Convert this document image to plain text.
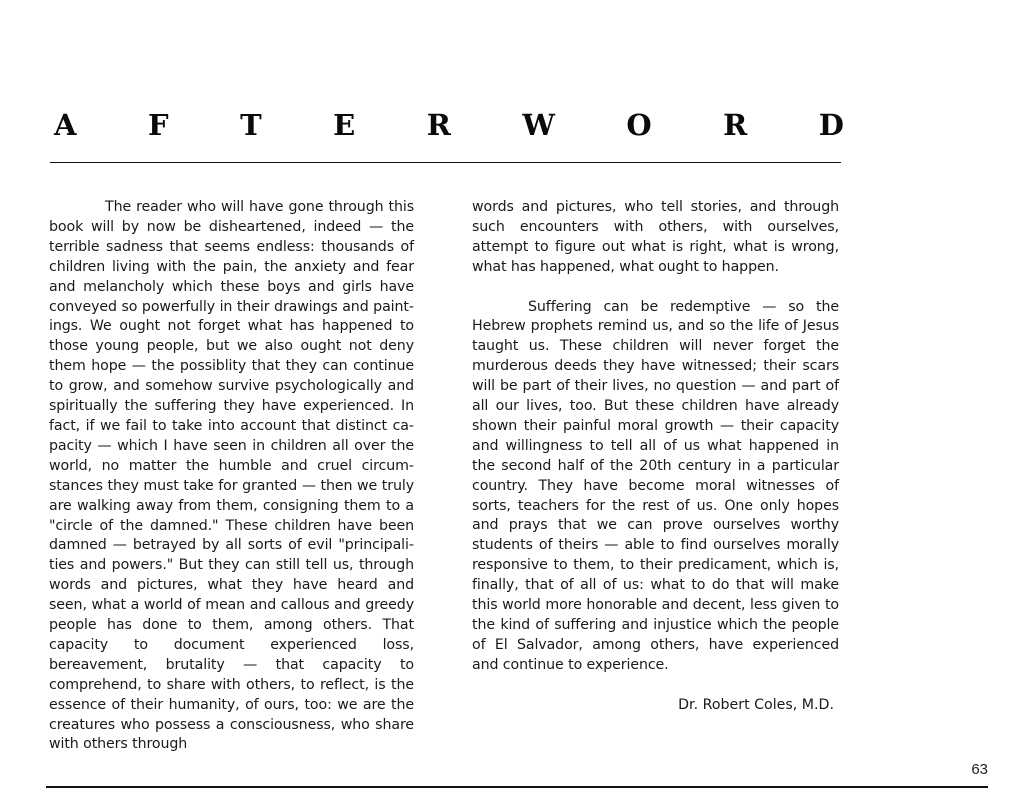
A F T E R W O R D

The reader who will have gone through this book will by now be disheartened, indeed — the terrible sadness that seems endless: thousands of children living with the pain, the anxiety and fear and melancholy which these boys and girls have conveyed so powerfully in their drawings and paintings. We ought not forget what has happened to those young people, but we also ought not deny them hope — the possiblity that they can continue to grow, and somehow survive psychologically and spiritually the suffering they have experienced. In fact, if we fail to take into account that distinct capacity — which I have seen in children all over the world, no matter the humble and cruel circumstances they must take for granted — then we truly are walking away from them, consigning them to a "circle of the damned." These children have been damned — betrayed by all sorts of evil "principalities and powers." But they can still tell us, through words and pictures, what they have heard and seen, what a world of mean and callous and greedy people has done to them, among others. That capacity to document experienced loss, bereavement, brutality — that capacity to comprehend, to share with others, to reflect, is the essence of their humanity, of ours, too: we are the creatures who possess a consciousness, who share with others through

words and pictures, who tell stories, and through such encounters with others, with ourselves, attempt to figure out what is right, what is wrong, what has happened, what ought to happen.

Suffering can be redemptive — so the Hebrew prophets remind us, and so the life of Jesus taught us. These children will never forget the murderous deeds they have witnessed; their scars will be part of their lives, no question — and part of all our lives, too. But these children have already shown their painful moral growth — their capacity and willingness to tell all of us what happened in the second half of the 20th century in a particular country. They have become moral witnesses of sorts, teachers for the rest of us. One only hopes and prays that we can prove ourselves worthy students of theirs — able to find ourselves morally responsive to them, to their predicament, which is, finally, that of all of us: what to do that will make this world more honorable and decent, less given to the kind of suffering and injustice which the people of El Salvador, among others, have experienced and continue to experience.

Dr. Robert Coles, M.D.
63
